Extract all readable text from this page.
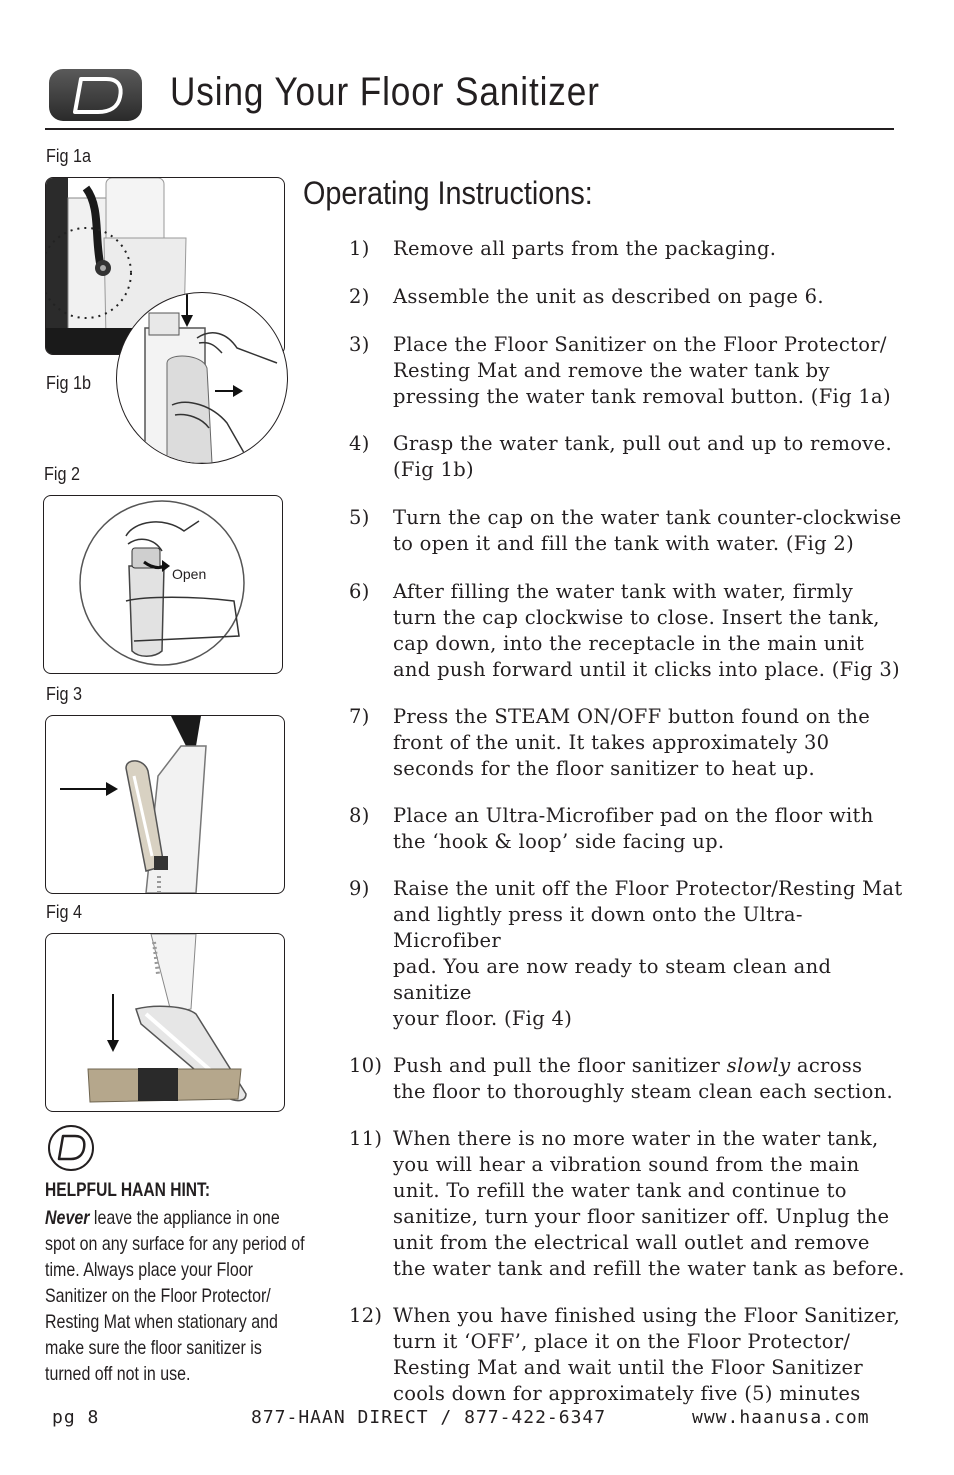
Using Your Floor Sanitizer
Fig 1a
Fig 1b
Fig 2
Open
Fig 3
Fig 4
Operating Instructions:
1) Remove all parts from the packaging.
2) Assemble the unit as described on page 6.
3) Place the Floor Sanitizer on the Floor Protector/
Resting Mat and remove the water tank by
pressing the water tank removal button. (Fig 1a)
4) Grasp the water tank, pull out and up to remove.
(Fig 1b)
5) Turn the cap on the water tank counter-clockwise
to open it and fill the tank with water. (Fig 2)
6) After filling the water tank with water, firmly
turn the cap clockwise to close. Insert the tank,
cap down, into the receptacle in the main unit
and push forward until it clicks into place. (Fig 3)
7) Press the STEAM ON/OFF button found on the
front of the unit. It takes approximately 30
seconds for the floor sanitizer to heat up.
8) Place an Ultra-Microfiber pad on the floor with
the ‘hook & loop’ side facing up.
9) Raise the unit off the Floor Protector/Resting Mat
and lightly press it down onto the Ultra-Microfiber
pad. You are now ready to steam clean and sanitize
your floor. (Fig 4)
10) Push and pull the floor sanitizer slowly across
the floor to thoroughly steam clean each section.
11) When there is no more water in the water tank,
you will hear a vibration sound from the main
unit. To refill the water tank and continue to
sanitize, turn your floor sanitizer off. Unplug the
unit from the electrical wall outlet and remove
the water tank and refill the water tank as before.
12) When you have finished using the Floor Sanitizer,
turn it ‘OFF’, place it on the Floor Protector/
Resting Mat and wait until the Floor Sanitizer
cools down for approximately five (5) minutes
HELPFUL HAAN HINT:
Never leave the appliance in one spot on any surface for any period of time. Always place your Floor Sanitizer on the Floor Protector/ Resting Mat when stationary and make sure the floor sanitizer is turned off not in use.
pg 8	877-HAAN DIRECT / 877-422-6347	www.haanusa.com
